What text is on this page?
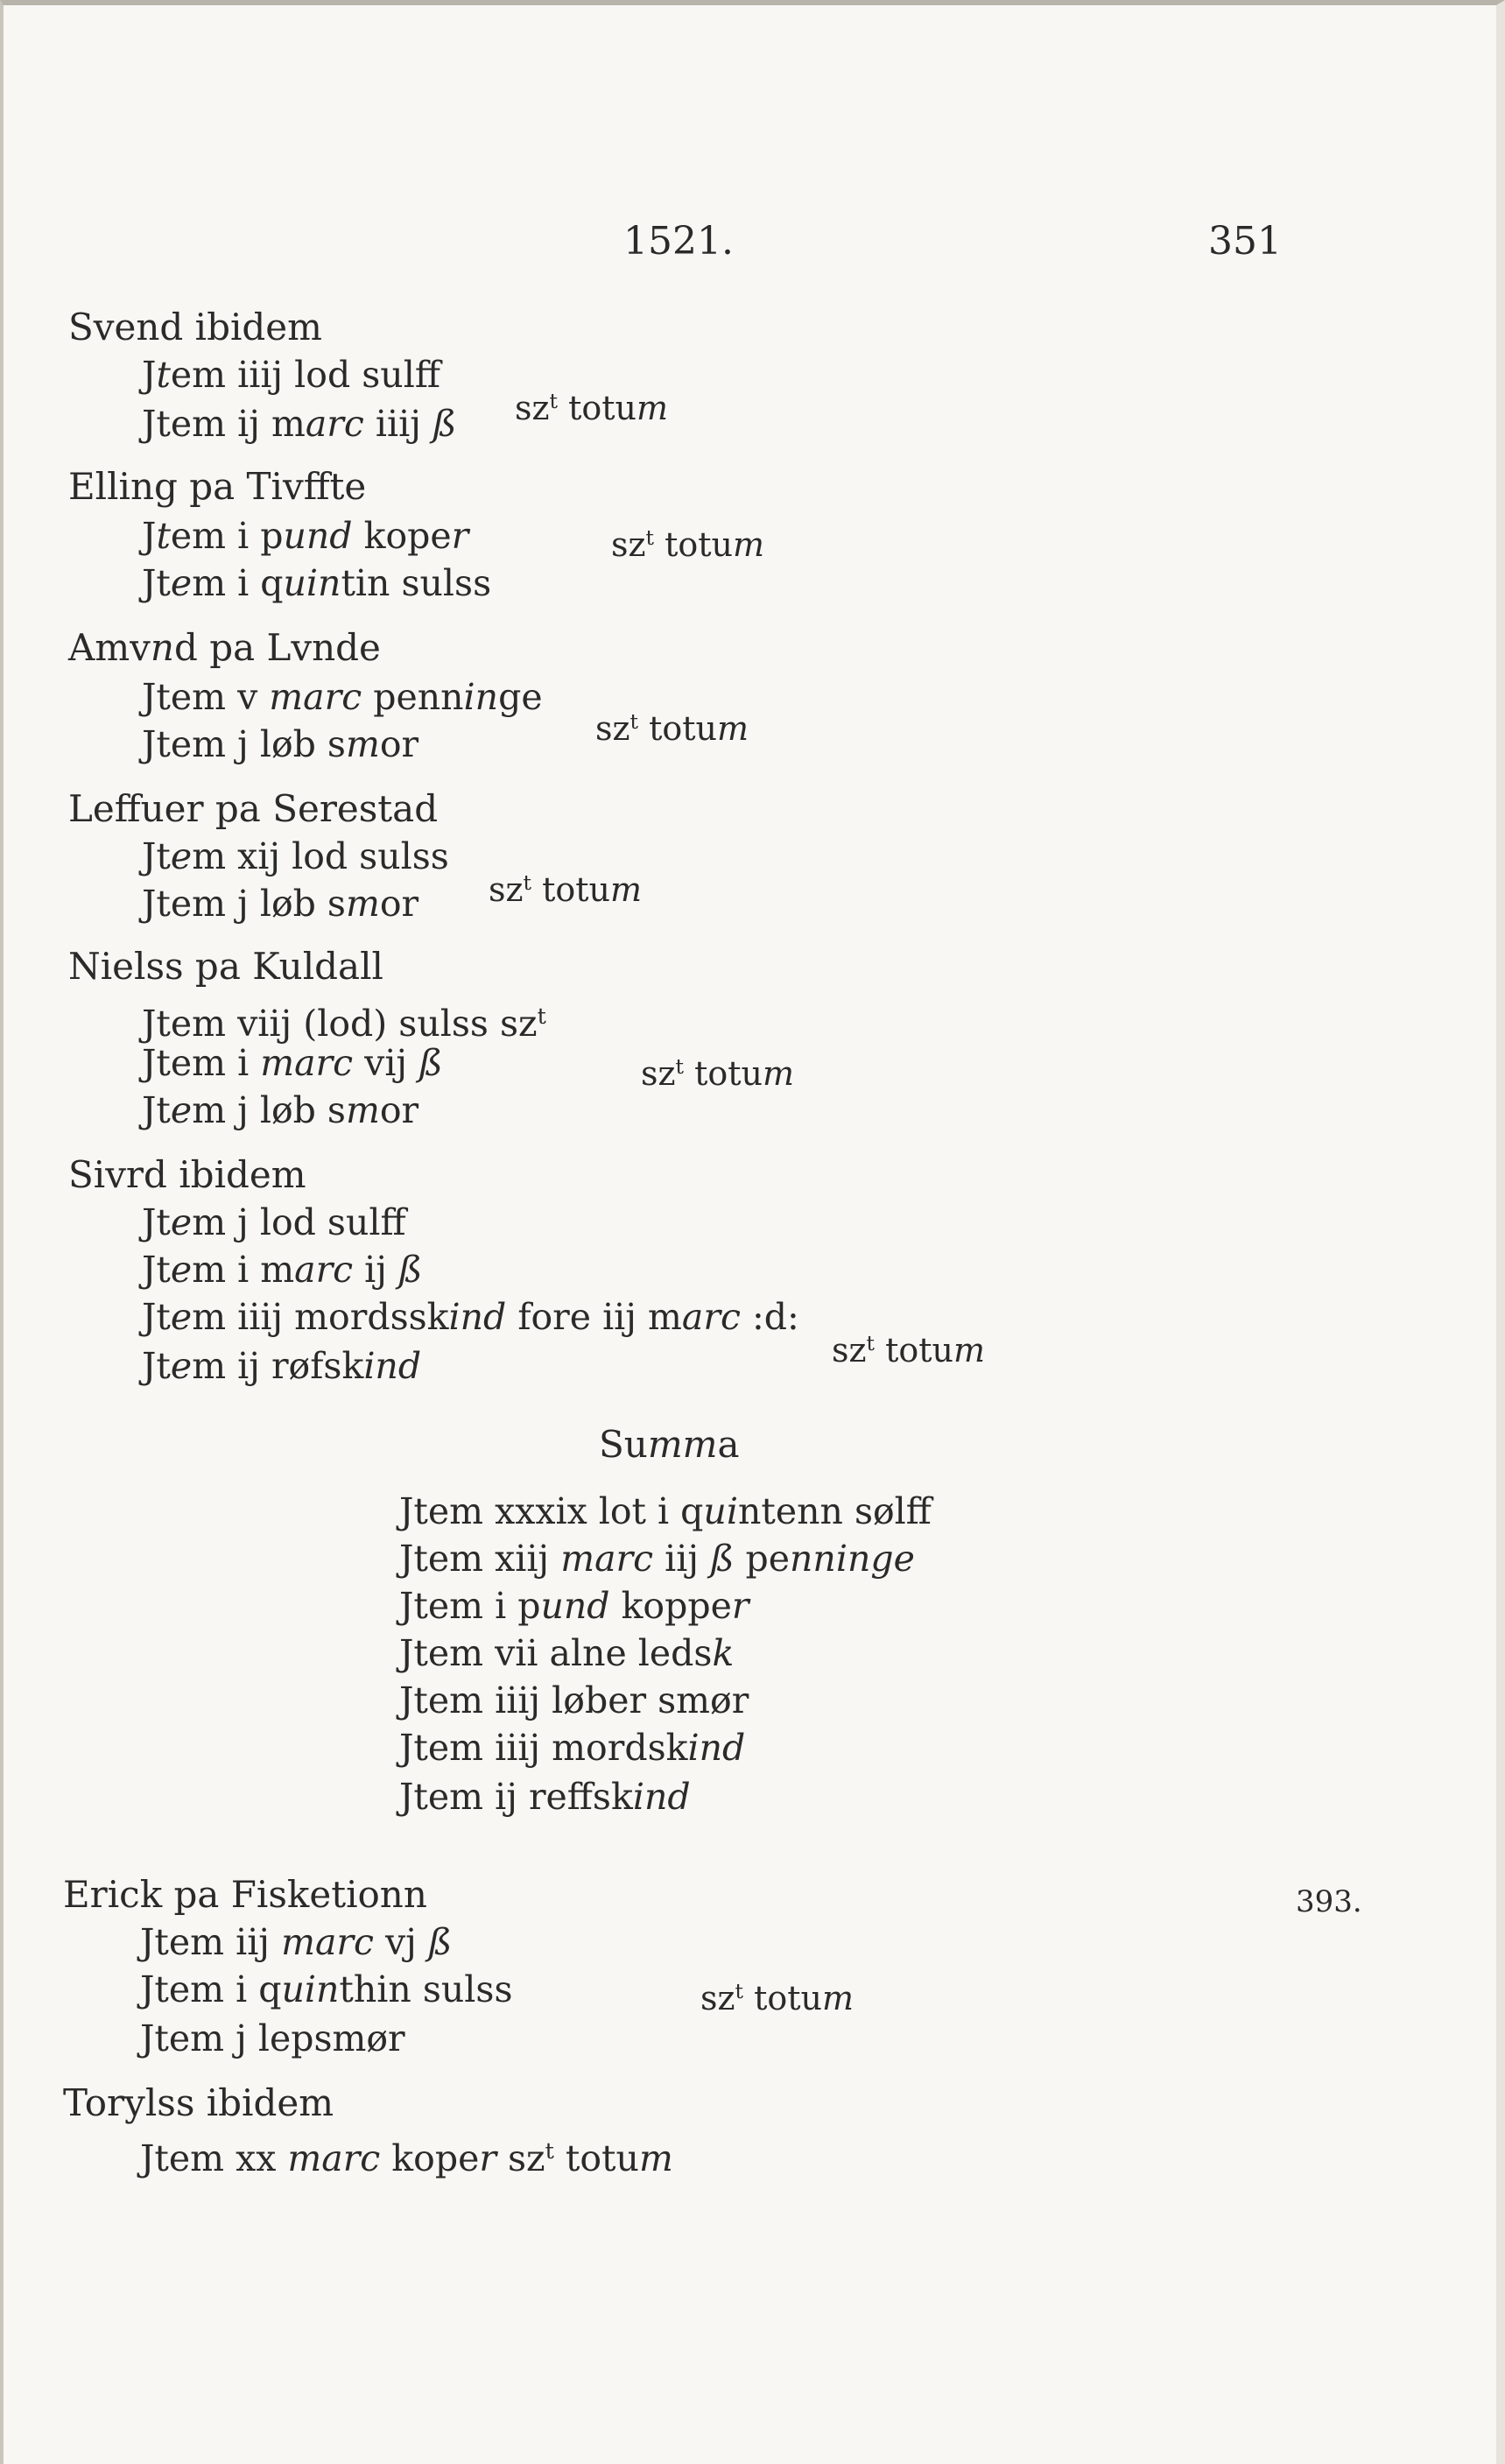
1521.	351
Svend ibidem
Jtem iiij lod sulff
Jtem ij marc iiij ß $sz^t$ totum
Elling pa Tivffte
Jtem i pund koper
Jtem i quintin sulss
$sz^t$ totum
Amvnd pa Lvnde
Jtem v marc penninge
Jtem j løb smor	$sz^t$ totum
Leffuer pa Serestad
Jtem xij lod sulss
Jtem j løb smor $sz^t$ totum
Nielss pa Kuldall
Jtem viij (lod) sulss $sz^t$
Jtem i marc vij ß
Jtem j løb smor
$sz^t$ totum
Sivrd ibidem
Jtem j lod sulff
Jtem i marc ij ß
Jtem iiij mordsskind fore iij marc :d:
Jtem ij røfskind	$sz^t$ totum
Summa
Jtem xxxix lot i quintenn sølff
Jtem xiij marc iij ß penninge
Jtem i pund kopper
Jtem vii alne ledsk
Jtem iiij løber smør
Jtem iiij mordskind
Jtem ij reffskind
Erick pa Fisketionn	393.
Jtem iij marc vj ß
Jtem i quinthin sulss
Jtem j lepsmør
$sz^t$ totum
Torylss ibidem
Jtem xx marc koper $sz^t$ totum
